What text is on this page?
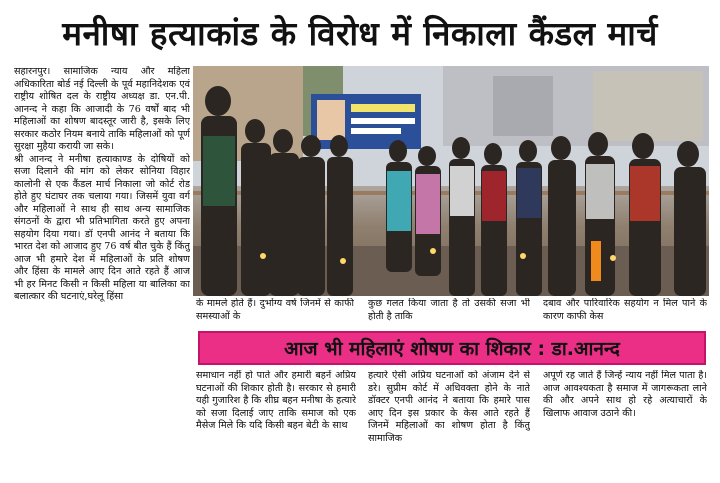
मनीषा हत्याकांड के विरोध में निकाला कैंडल मार्च

सहारनपुर। सामाजिक न्याय और महिला अधिकारिता बोर्ड नई दिल्ली के पूर्व महानिदेशक एवं राष्ट्रीय शोषित दल के राष्ट्रीय अध्यक्ष डा. एन.पी. आनन्द ने कहा कि आजादी के 76 वर्षों बाद भी महिलाओं का शोषण बादस्तूर जारी है, इसके लिए सरकार कठोर नियम बनाये ताकि महिलाओं को पूर्ण सुरक्षा मुहैया करायी जा सके।

श्री आनन्द ने मनीषा हत्याकाण्ड के दोषियों को सजा दिलाने की मांग को लेकर सोनिया विहार कालोनी से एक कैंडल मार्च निकाला जो कोर्ट रोड होते हुए घंटाघर तक चलाया गया। जिसमें युवा वर्ग और महिलाओं ने साथ ही साथ अन्य सामाजिक संगठनों के द्वारा भी प्रतिभागिता करते हुए अपना सहयोग दिया गया। डॉ एनपी आनंद ने बताया कि भारत देश को आजाद हुए 76 वर्ष बीत चुके हैं किंतु आज भी हमारे देश में महिलाओं के प्रति शोषण और हिंसा के मामले आए दिन आते रहते हैं आज भी हर मिनट किसी न किसी महिला या बालिका का बलात्कार की घटनाएं,घरेलू हिंसा

के मामले होते हैं। दुर्भाग्य वर्ष जिनमें से काफी समस्याओं के
कुछ गलत किया जाता है तो उसकी सजा भी होती है ताकि
दबाव और पारिवारिक सहयोग न मिल पाने के कारण काफी केस
आज भी महिलाएं शोषण का शिकार : डा.आनन्द
समाधान नहीं हो पाते और हमारी बहनें अप्रिय घटनाओं की शिकार होती है। सरकार से हमारी यही गुजारिश है कि शीघ्र बहन मनीषा के हत्यारे को सजा दिलाई जाए ताकि समाज को एक मैसेज मिले कि यदि किसी बहन बेटी के साथ
हत्यारे ऐसी अप्रिय घटनाओं को अंजाम देने से डरे। सुप्रीम कोर्ट में अधिवक्ता होने के नाते डॉक्टर एनपी आनंद ने बताया कि हमारे पास आए दिन इस प्रकार के केस आते रहते हैं जिनमें महिलाओं का शोषण होता है किंतु सामाजिक
अपूर्ण रह जाते हैं जिन्हें न्याय नहीं मिल पाता है। आज आवश्यकता है समाज में जागरूकता लाने की और अपने साथ हो रहे अत्याचारों के खिलाफ आवाज उठाने की।
